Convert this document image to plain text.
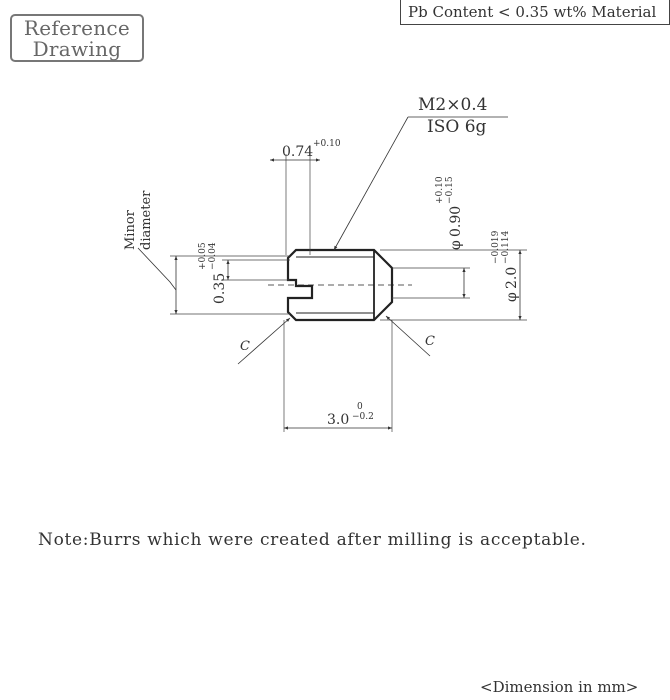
Reference
Drawing
Pb Content < 0.35 wt% Material
M2×0.4
ISO 6g
0.74 +0.10
Minor diameter
0.35
+0.05 −0.04	φ
0.90
+0.10 −0.15
φ
2.0
−0.019 −0.114
3.0
0
−0.2
C	C
Note:Burrs which were created after milling is acceptable.
<Dimension in mm>
